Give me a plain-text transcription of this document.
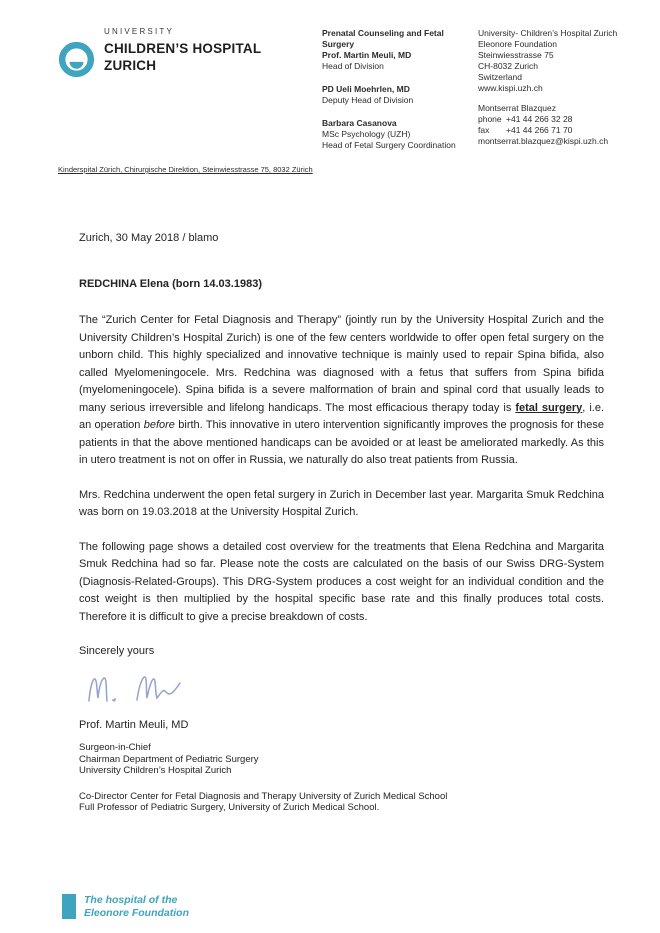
UNIVERSITY
CHILDREN’S HOSPITAL
ZURICH
Prenatal Counseling and Fetal Surgery
Prof. Martin Meuli, MD
Head of Division
PD Ueli Moehrlen, MD
Deputy Head of Division
Barbara Casanova
MSc Psychology (UZH)
Head of Fetal Surgery Coordination
University- Children’s Hospital Zurich
Eleonore Foundation
Steinwiesstrasse 75
CH-8032 Zurich
Switzerland
www.kispi.uzh.ch
Montserrat Blazquez
phone +41 44 266 32 28
fax	+41 44 266 71 70
montserrat.blazquez@kispi.uzh.ch
Kinderspital Zürich, Chirurgische Direktion, Steinwiesstrasse 75, 8032 Zürich
Zurich, 30 May 2018 / blamo
REDCHINA Elena (born 14.03.1983)

The “Zurich Center for Fetal Diagnosis and Therapy” (jointly run by the University Hospital Zurich and the University Children’s Hospital Zurich) is one of the few centers worldwide to offer open fetal surgery on the unborn child. This highly specialized and innovative technique is mainly used to repair Spina bifida, also called Myelomeningocele. Mrs. Redchina was diagnosed with a fetus that suffers from Spina bifida (myelomeningocele). Spina bifida is a severe malformation of brain and spinal cord that usually leads to many serious irreversible and lifelong handicaps. The most efficacious therapy today is fetal surgery, i.e. an operation before birth. This innovative in utero intervention significantly improves the prognosis for these patients in that the above mentioned handicaps can be avoided or at least be ameliorated markedly. As this in utero treatment is not on offer in Russia, we naturally do also treat patients from Russia.

Mrs. Redchina underwent the open fetal surgery in Zurich in December last year. Margarita Smuk Redchina was born on 19.03.2018 at the University Hospital Zurich.

The following page shows a detailed cost overview for the treatments that Elena Redchina and Margarita Smuk Redchina had so far. Please note the costs are calculated on the basis of our Swiss DRG-System (Diagnosis-Related-Groups). This DRG-System produces a cost weight for an individual condition and the cost weight is then multiplied by the hospital specific base rate and this finally produces total costs. Therefore it is difficult to give a precise breakdown of costs.

Sincerely yours
Prof. Martin Meuli, MD
Surgeon-in-Chief
Chairman Department of Pediatric Surgery
University Children’s Hospital Zurich
Co-Director Center for Fetal Diagnosis and Therapy University of Zurich Medical School
Full Professor of Pediatric Surgery, University of Zurich Medical School.
The hospital of the
Eleonore Foundation
